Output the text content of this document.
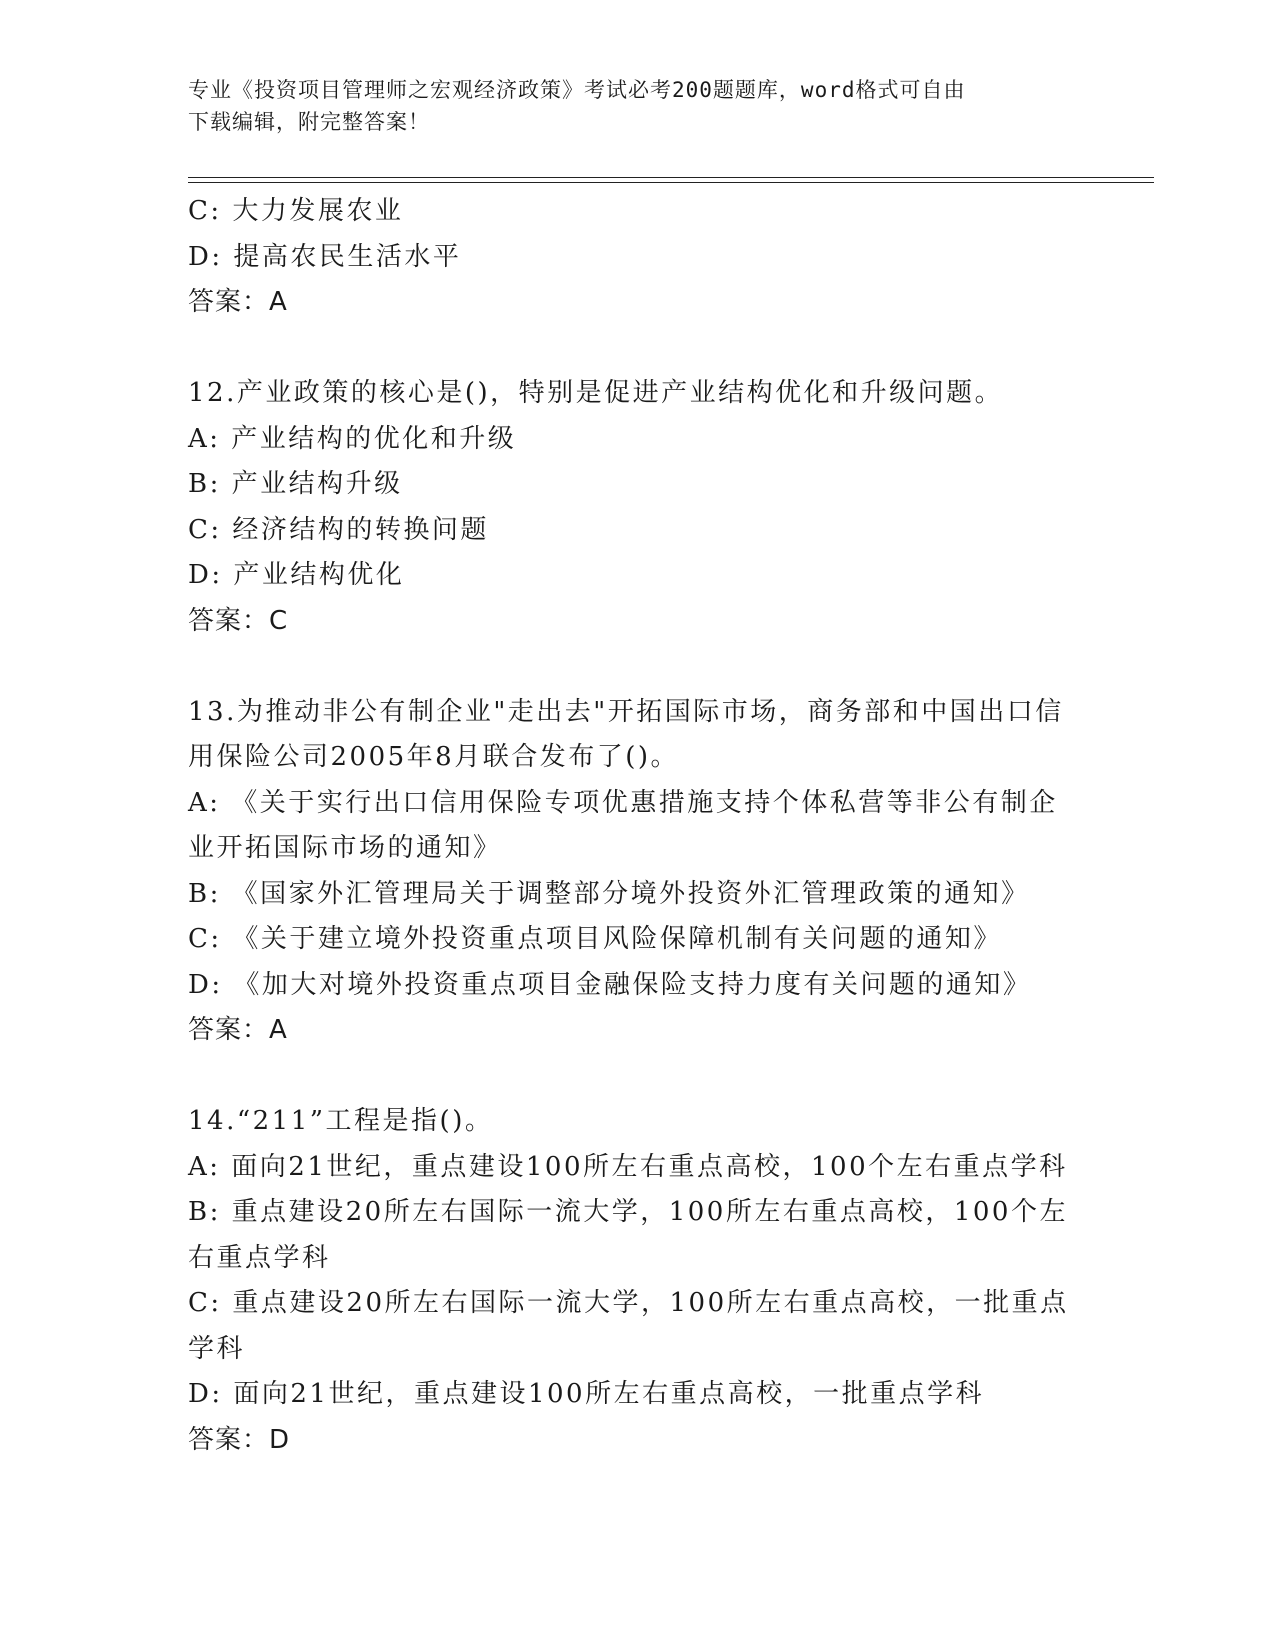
专业《投资项目管理师之宏观经济政策》考试必考200题题库，word格式可自由
下载编辑，附完整答案！
C: 大力发展农业
D: 提高农民生活水平
答案：A
12.产业政策的核心是()，特别是促进产业结构优化和升级问题。
A: 产业结构的优化和升级
B: 产业结构升级
C: 经济结构的转换问题
D: 产业结构优化
答案：C
13.为推动非公有制企业"走出去"开拓国际市场，商务部和中国出口信
用保险公司2005年8月联合发布了()。
A: 《关于实行出口信用保险专项优惠措施支持个体私营等非公有制企
业开拓国际市场的通知》
B: 《国家外汇管理局关于调整部分境外投资外汇管理政策的通知》
C: 《关于建立境外投资重点项目风险保障机制有关问题的通知》
D: 《加大对境外投资重点项目金融保险支持力度有关问题的通知》
答案：A
14.“211”工程是指()。
A: 面向21世纪，重点建设100所左右重点高校，100个左右重点学科
B: 重点建设20所左右国际一流大学，100所左右重点高校，100个左
右重点学科
C: 重点建设20所左右国际一流大学，100所左右重点高校，一批重点
学科
D: 面向21世纪，重点建设100所左右重点高校，一批重点学科
答案：D
